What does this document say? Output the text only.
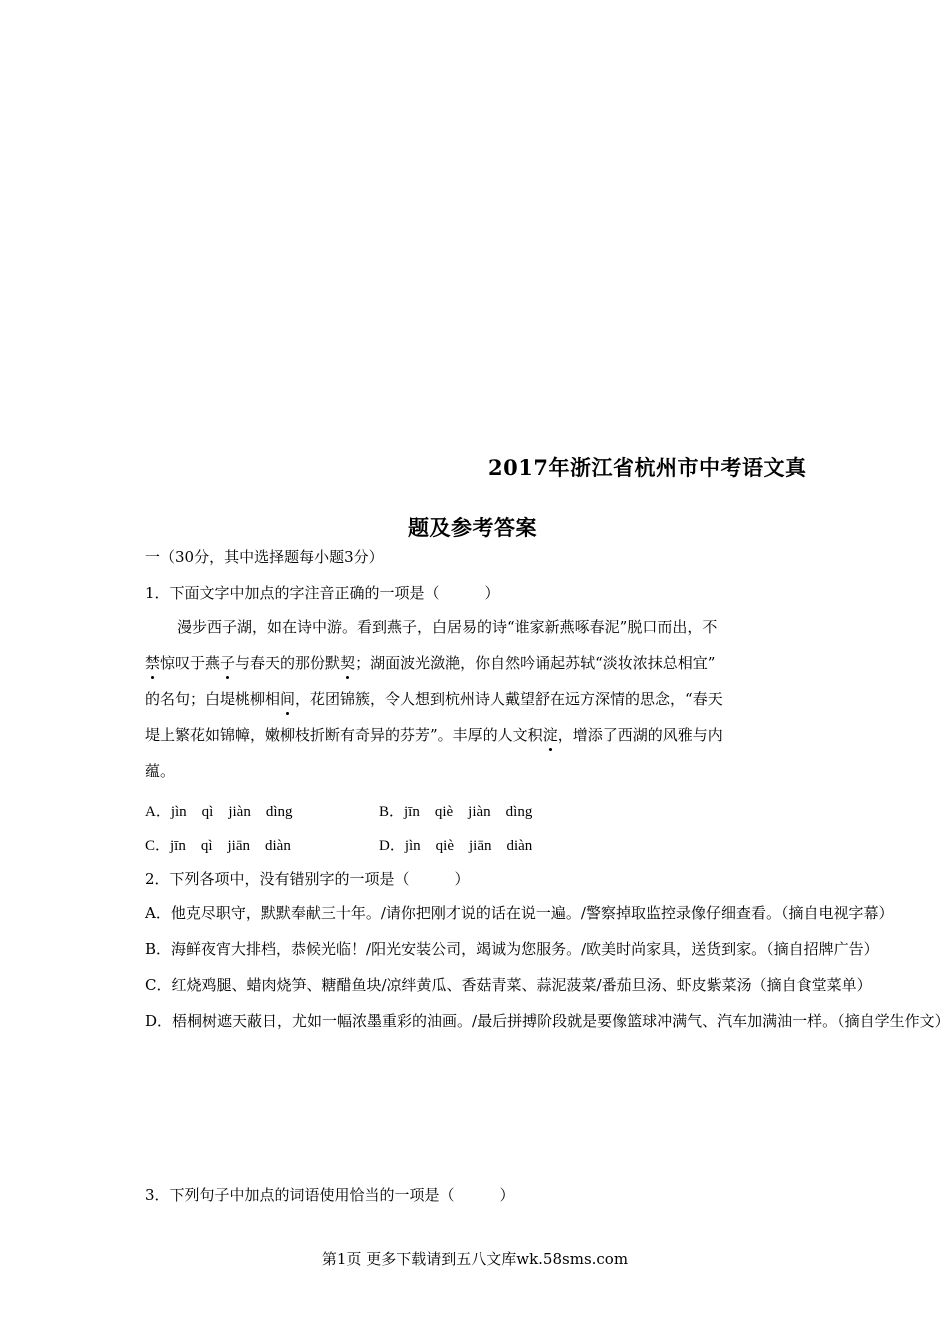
2017年浙江省杭州市中考语文真
题及参考答案
一（30分，其中选择题每小题3分）
1．下面文字中加点的字注音正确的一项是（　　　）

漫步西子湖，如在诗中游。看到燕子，白居易的诗“谁家新燕啄春泥”脱口而出，不

禁惊叹于燕子与春天的那份默契；湖面波光潋滟，你自然吟诵起苏轼“淡妆浓抹总相宜”

的名句；白堤桃柳相间，花团锦簇，令人想到杭州诗人戴望舒在远方深情的思念，“春天

堤上繁花如锦幛，嫩柳枝折断有奇异的芬芳”。丰厚的人文积淀，增添了西湖的风雅与内

蕴。

A．jìn　qì　jiàn　dìng	B．jīn　qiè　jiàn　dìng
C．jīn　qì　jiān　diàn	D．jìn　qiè　jiān　diàn
2．下列各项中，没有错别字的一项是（　　　）

A．他克尽职守，默默奉献三十年。/请你把刚才说的话在说一遍。/警察掉取监控录像仔细查看。（摘自电视字幕）

B．海鲜夜宵大排档，恭候光临！/阳光安装公司，竭诚为您服务。/欧美时尚家具，送货到家。（摘自招牌广告）

C．红烧鸡腿、蜡肉烧笋、糖醋鱼块/凉绊黄瓜、香菇青菜、蒜泥菠菜/番茄旦汤、虾皮紫菜汤（摘自食堂菜单）

D．梧桐树遮天蔽日，尤如一幅浓墨重彩的油画。/最后拼搏阶段就是要像篮球冲满气、汽车加满油一样。（摘自学生作文）

3．下列句子中加点的词语使用恰当的一项是（　　　）
第1页 更多下载请到五八文库wk.58sms.com
